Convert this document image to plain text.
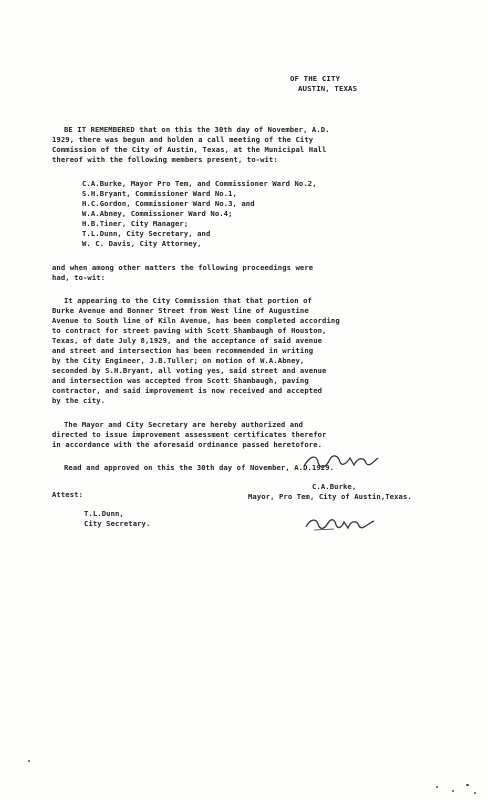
OF THE CITY

AUSTIN, TEXAS

BE IT REMEMBERED that on this the 30th day of November, A.D.

1929, there was begun and holden a call meeting of the City

Commission of the City of Austin, Texas, at the Municipal Hall

thereof with the following members present, to-wit:

C.A.Burke, Mayor Pro Tem, and Commissioner Ward No.2,

S.H.Bryant, Commissioner Ward No.1,

H.C.Gordon, Commissioner Ward No.3, and

W.A.Abney, Commissioner Ward No.4;

H.B.Tiner, City Manager;

T.L.Dunn, City Secretary, and

W. C. Davis, City Attorney,

and when among other matters the following proceedings were

had, to-wit:

It appearing to the City Commission that that portion of

Burke Avenue and Bonner Street from West line of Augustine

Avenue to South line of Kiln Avenue, has been completed according

to contract for street paving with Scott Shambaugh of Houston,

Texas, of date July 8,1929, and the acceptance of said avenue

and street and intersection has been recommended in writing

by the City Engineer, J.B.Tuller; on motion of W.A.Abney,

seconded by S.H.Bryant, all voting yes, said street and avenue

and intersection was accepted from Scott Shambaugh, paving

contractor, and said improvement is now received and accepted

by the city.

The Mayor and City Secretary are hereby authorized and

directed to issue improvement assessment certificates therefor

in accordance with the aforesaid ordinance passed heretofore.

Read and approved on this the 30th day of November, A.D.1929.

Attest:

C.A.Burke,

Mayor, Pro Tem, City of Austin,Texas.

T.L.Dunn,

City Secretary.
